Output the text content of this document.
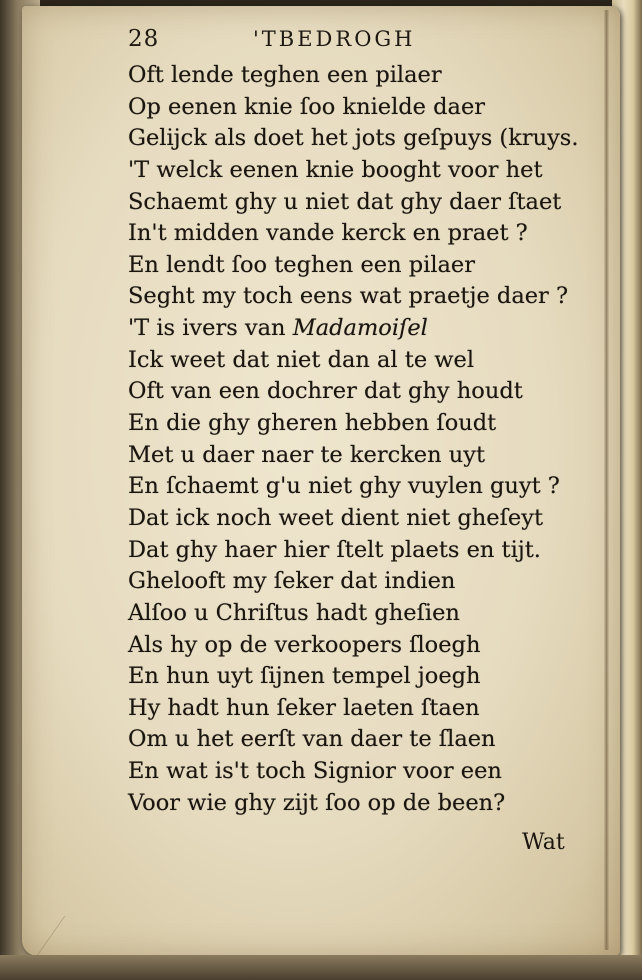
28	'TBEDROGH
Oft lende teghen een pilaer
Op eenen knie ſoo knielde daer
Gelijck als doet het jots geſpuys (kruys.
'T welck eenen knie booght voor het
Schaemt ghy u niet dat ghy daer ſtaet
In't midden vande kerck en praet ?
En lendt ſoo teghen een pilaer
Seght my toch eens wat praetje daer ?
'T is ivers van Madamoiſel
Ick weet dat niet dan al te wel
Oft van een dochrer dat ghy houdt
En die ghy gheren hebben ſoudt
Met u daer naer te kercken uyt
En ſchaemt g'u niet ghy vuylen guyt ?
Dat ick noch weet dient niet gheſeyt
Dat ghy haer hier ſtelt plaets en tijt.
Ghelooft my ſeker dat indien
Alſoo u Chriſtus hadt gheſien
Als hy op de verkoopers ſloegh
En hun uyt ſijnen tempel joegh
Hy hadt hun ſeker laeten ſtaen
Om u het eerſt van daer te ſlaen
En wat is't toch Signior voor een
Voor wie ghy zijt ſoo op de been?
Wat
